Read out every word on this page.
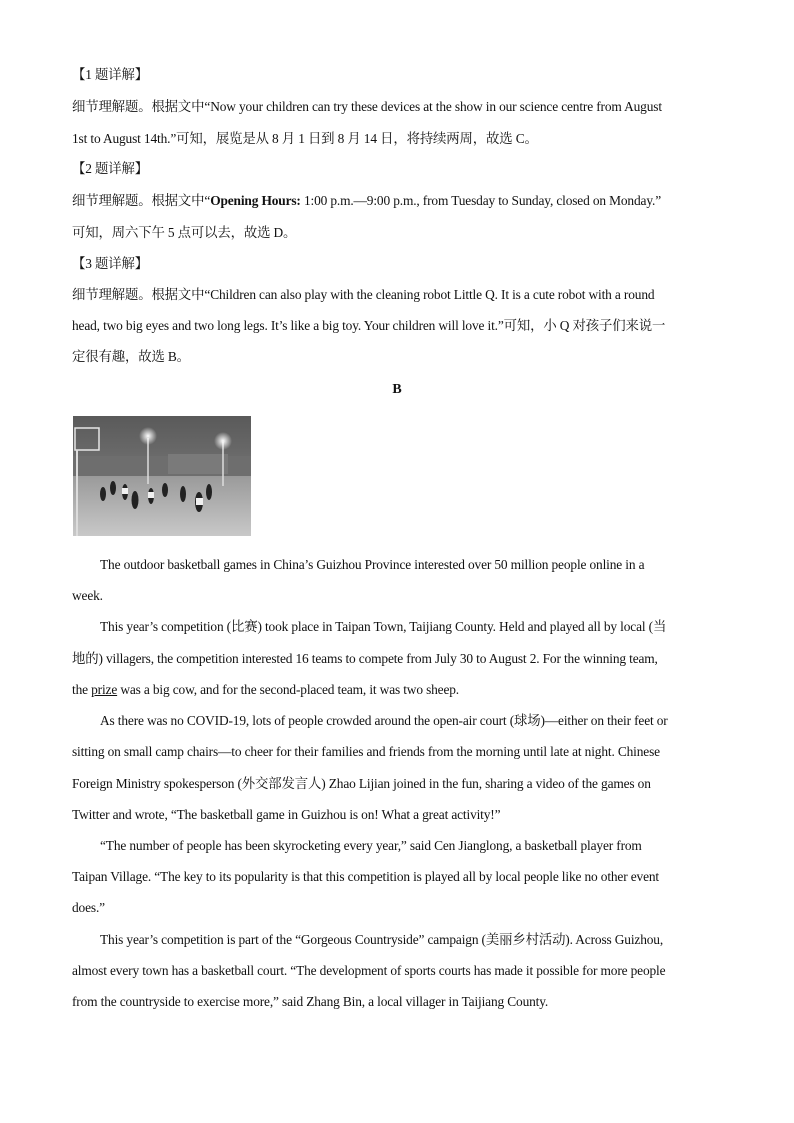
【1 题详解】
细节理解题。根据文中“Now your children can try these devices at the show in our science centre from August
1st to August 14th.”可知，展览是从 8 月 1 日到 8 月 14 日，将持续两周，故选 C。
【2 题详解】
细节理解题。根据文中“Opening Hours: 1:00 p.m.—9:00 p.m., from Tuesday to Sunday, closed on Monday.”
可知，周六下午 5 点可以去，故选 D。
【3 题详解】
细节理解题。根据文中“Children can also play with the cleaning robot Little Q. It is a cute robot with a round
head, two big eyes and two long legs. It’s like a big toy. Your children will love it.”可知，小 Q 对孩子们来说一
定很有趣，故选 B。
B
The outdoor basketball games in China’s Guizhou Province interested over 50 million people online in a
week.
This year’s competition (比赛) took place in Taipan Town, Taijiang County. Held and played all by local (当
地的) villagers, the competition interested 16 teams to compete from July 30 to August 2. For the winning team,
the prize was a big cow, and for the second-placed team, it was two sheep.
As there was no COVID-19, lots of people crowded around the open-air court (球场)—either on their feet or
sitting on small camp chairs—to cheer for their families and friends from the morning until late at night. Chinese
Foreign Ministry spokesperson (外交部发言人) Zhao Lijian joined in the fun, sharing a video of the games on
Twitter and wrote, “The basketball game in Guizhou is on! What a great activity!”
“The number of people has been skyrocketing every year,” said Cen Jianglong, a basketball player from
Taipan Village. “The key to its popularity is that this competition is played all by local people like no other event
does.”
This year’s competition is part of the “Gorgeous Countryside” campaign (美丽乡村活动). Across Guizhou,
almost every town has a basketball court. “The development of sports courts has made it possible for more people
from the countryside to exercise more,” said Zhang Bin, a local villager in Taijiang County.
